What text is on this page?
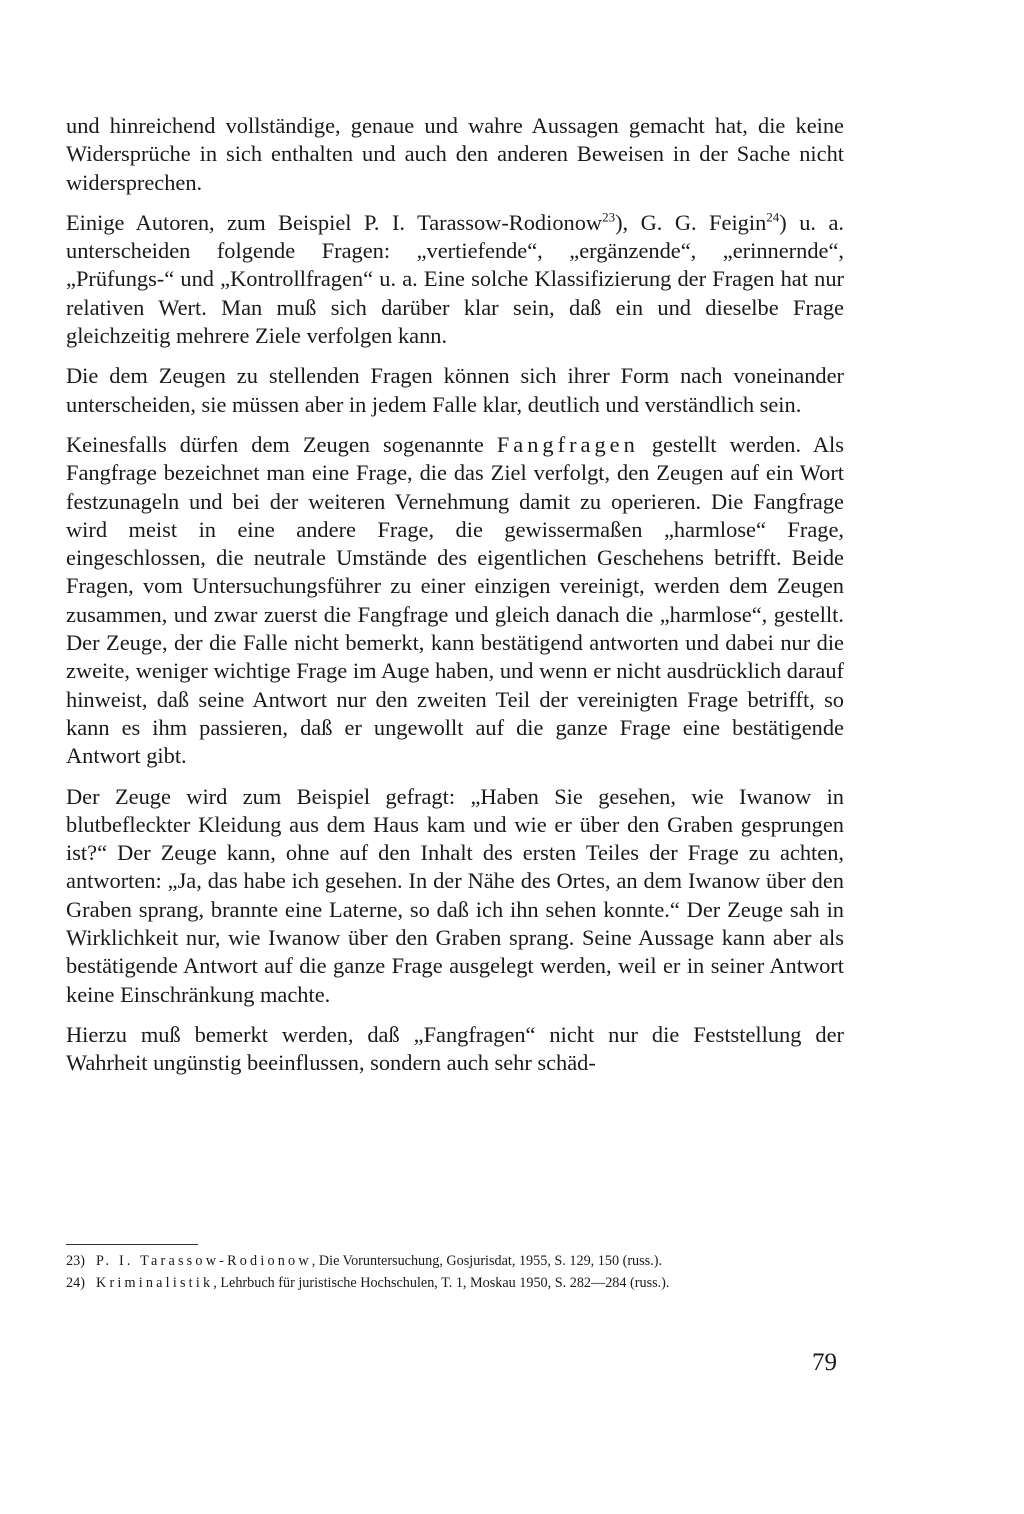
und hinreichend vollständige, genaue und wahre Aussagen gemacht hat, die keine Widersprüche in sich enthalten und auch den anderen Beweisen in der Sache nicht widersprechen.

Einige Autoren, zum Beispiel P. I. Tarassow-Rodionow$^{23}$), G. G. Feigin$^{24}$) u. a. unterscheiden folgende Fragen: „vertiefende“, „ergänzende“, „erinnernde“, „Prüfungs-“ und „Kontrollfragen“ u. a. Eine solche Klassifizierung der Fragen hat nur relativen Wert. Man muß sich darüber klar sein, daß ein und dieselbe Frage gleichzeitig mehrere Ziele verfolgen kann.

Die dem Zeugen zu stellenden Fragen können sich ihrer Form nach voneinander unterscheiden, sie müssen aber in jedem Falle klar, deutlich und verständlich sein.

Keinesfalls dürfen dem Zeugen sogenannte Fangfragen gestellt werden. Als Fangfrage bezeichnet man eine Frage, die das Ziel verfolgt, den Zeugen auf ein Wort festzunageln und bei der weiteren Vernehmung damit zu operieren. Die Fangfrage wird meist in eine andere Frage, die gewissermaßen „harmlose“ Frage, eingeschlossen, die neutrale Umstände des eigentlichen Geschehens betrifft. Beide Fragen, vom Untersuchungsführer zu einer einzigen vereinigt, werden dem Zeugen zusammen, und zwar zuerst die Fangfrage und gleich danach die „harmlose“, gestellt. Der Zeuge, der die Falle nicht bemerkt, kann bestätigend antworten und dabei nur die zweite, weniger wichtige Frage im Auge haben, und wenn er nicht ausdrücklich darauf hinweist, daß seine Antwort nur den zweiten Teil der vereinigten Frage betrifft, so kann es ihm passieren, daß er ungewollt auf die ganze Frage eine bestätigende Antwort gibt.

Der Zeuge wird zum Beispiel gefragt: „Haben Sie gesehen, wie Iwanow in blutbefleckter Kleidung aus dem Haus kam und wie er über den Graben gesprungen ist?“ Der Zeuge kann, ohne auf den Inhalt des ersten Teiles der Frage zu achten, antworten: „Ja, das habe ich gesehen. In der Nähe des Ortes, an dem Iwanow über den Graben sprang, brannte eine Laterne, so daß ich ihn sehen konnte.“ Der Zeuge sah in Wirklichkeit nur, wie Iwanow über den Graben sprang. Seine Aussage kann aber als bestätigende Antwort auf die ganze Frage ausgelegt werden, weil er in seiner Antwort keine Einschränkung machte.

Hierzu muß bemerkt werden, daß „Fangfragen“ nicht nur die Feststellung der Wahrheit ungünstig beeinflussen, sondern auch sehr schäd-

23) P. I. Tarassow-Rodionow, Die Voruntersuchung, Gosjurisdat, 1955, S. 129, 150 (russ.).
24) Kriminalistik, Lehrbuch für juristische Hochschulen, T. 1, Moskau 1950, S. 282—284 (russ.).
79
